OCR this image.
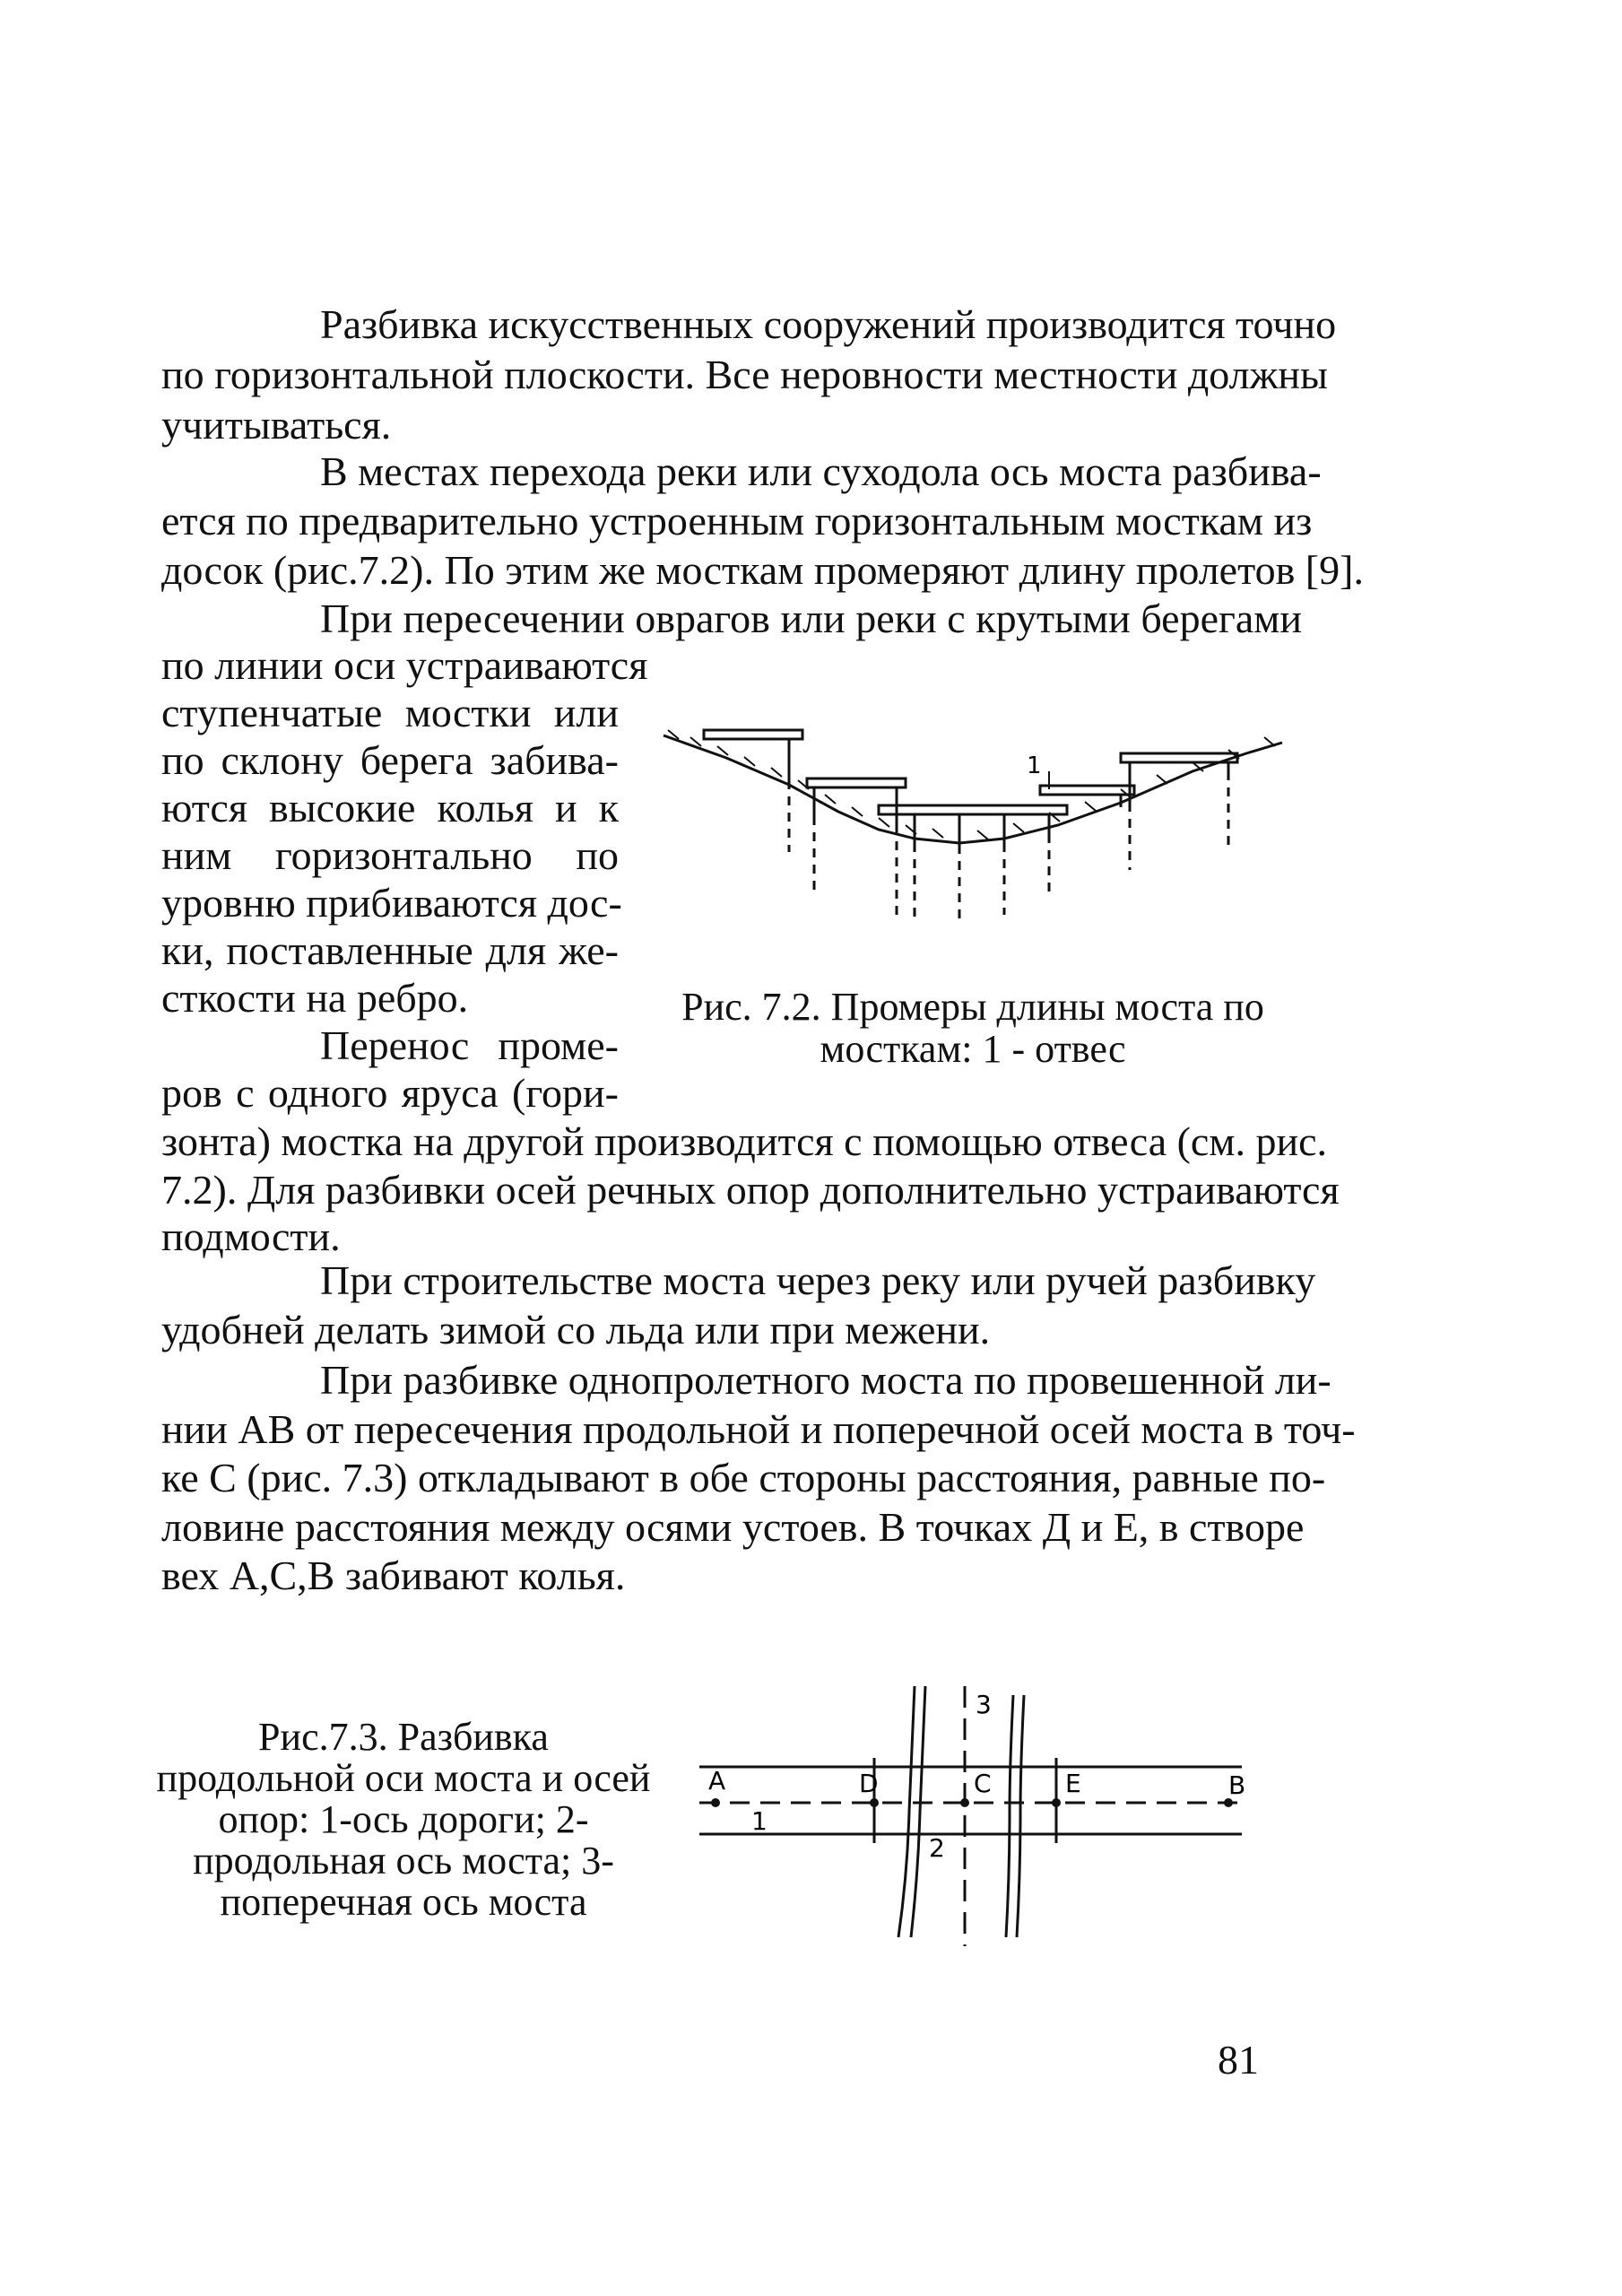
Разбивка искусственных сооружений производится точно

по горизонтальной плоскости. Все неровности местности должны

учитываться.

В местах перехода реки или суходола ось моста разбива-

ется по предварительно устроенным горизонтальным мосткам из

досок (рис.7.2). По этим же мосткам промеряют длину пролетов [9].

При пересечении оврагов или реки с крутыми берегами

по линии оси устраиваются

ступенчатые мостки или

по склону берега забива-

ются высокие колья и к

ним горизонтально по

уровню прибиваются дос-

ки, поставленные для же-

сткости на ребро.

Перенос проме-

ров с одного яруса (гори-

зонта) мостка на другой производится с помощью отвеса (см. рис.

7.2). Для разбивки осей речных опор дополнительно устраиваются

подмости.

При строительстве моста через реку или ручей разбивку

удобней делать зимой со льда или при межени.

При разбивке однопролетного моста по провешенной ли-

нии АВ от пересечения продольной и поперечной осей моста в точ-

ке С (рис. 7.3) откладывают в обе стороны расстояния, равные по-

ловине расстояния между осями устоев. В точках Д и Е, в створе

вех А,С,В забивают колья.

1

Рис. 7.2. Промеры длины моста по

мосткам: 1 - отвес

Рис.7.3. Разбивка

продольной оси моста и осей

опор: 1-ось дороги; 2-

продольная ось моста; 3-

поперечная ось моста

A	D	C	E	B
1
2
3

81
